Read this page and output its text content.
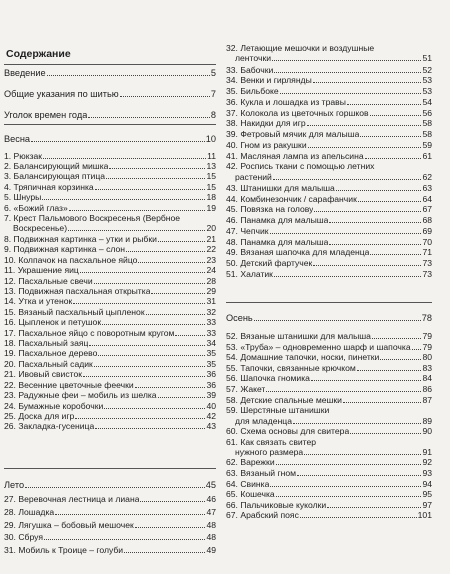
Содержание
Введение	5
Общие указания по шитью	7
Уголок времен года	8
Весна	10
1. Рюкзак	11
2. Балансирующий мишка	13
3. Балансирующая птица	15
4. Тряпичная корзинка	15
5. Шнуры	18
6. «Божий глаз»	19
7. Крест Пальмового Воскресенья (Вербное
Воскресенье)	20
8. Подвижная картинка – утки и рыбки	21
9. Подвижная картинка – слон	22
10. Колпачок на пасхальное яйцо	23
11. Украшение яиц	24
12. Пасхальные свечи	28
13. Подвижная пасхальная открытка	29
14. Утка и утенок	31
15. Вязаный пасхальный цыпленок	32
16. Цыпленок и петушок	33
17. Пасхальное яйцо с поворотным кругом	33
18. Пасхальный заяц	34
19. Пасхальное дерево	35
20. Пасхальный садик	35
21. Ивовый свисток	36
22. Весенние цветочные феечки	36
23. Радужные феи – мобиль из шелка	39
24. Бумажные коробочки	40
25. Доска для игр	42
26. Закладка-гусеница	43
Лето	45
27. Веревочная лестница и лиана	46
28. Лошадка	47
29. Лягушка – бобовый мешочек	48
30. Сбруя	48
31. Мобиль к Троице – голуби	49
32. Летающие мешочки и воздушные
ленточки	51
33. Бабочки	52
34. Венки и гирлянды	53
35. Бильбоке	53
36. Кукла и лошадка из травы	54
37. Колокола из цветочных горшков	56
38. Накидки для игр	58
39. Фетровый мячик для малыша	58
40. Гном из ракушки	59
41. Масляная лампа из апельсина	61
42. Роспись ткани с помощью летних
растений	62
43. Штанишки для малыша	63
44. Комбинезончик / сарафанчик	64
45. Повязка на голову	67
46. Панамка для малыша	68
47. Чепчик	69
48. Панамка для малыша	70
49. Вязаная шапочка для младенца	71
50. Детский фартучек	73
51. Халатик	73
Осень	78
52. Вязаные штанишки для малыша	79
53. «Труба» – одновременно шарф и шапочка 79
54. Домашние тапочки, носки, пинетки	80
55. Тапочки, связанные крючком	83
56. Шапочка гномика	84
57. Жакет	86
58. Детские спальные мешки	87
59. Шерстяные штанишки
для младенца	89
60. Схема основы для свитера	90
61. Как связать свитер
нужного размера	91
62. Варежки	92
63. Вязаный гном	93
64. Свинка	94
65. Кошечка	95
66. Пальчиковые куколки	97
67. Арабский пояс	101
